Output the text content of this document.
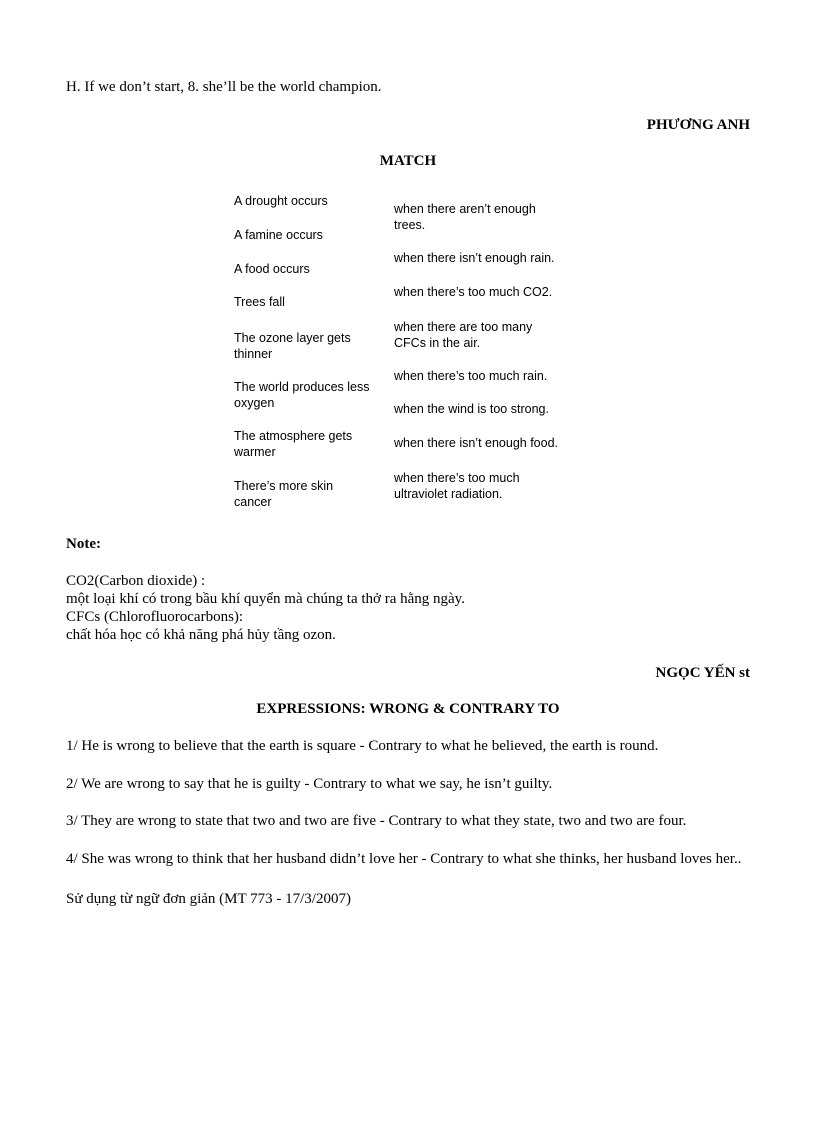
H. If we don’t start, 8. she’ll be the world champion.

PHƯƠNG ANH

MATCH

A drought occurs

A famine occurs

A food occurs

Trees fall

The ozone layer gets thinner

The world produces less oxygen

The atmosphere gets warmer

There’s more skin cancer

when there aren’t enough trees.

when there isn’t enough rain.

when there’s too much CO2.

when there are too many CFCs in the air.

when there’s too much rain.

when the wind is too strong.

when there isn’t enough food.

when there’s too much ultraviolet radiation.

Note:

CO2(Carbon dioxide) :

một loại khí có trong bầu khí quyển mà chúng ta thở ra hằng ngày.

CFCs (Chlorofluorocarbons):

chất hóa học có khả năng phá hủy tầng ozon.

NGỌC YẾN st

EXPRESSIONS: WRONG & CONTRARY TO

1/ He is wrong to believe that the earth is square - Contrary to what he believed, the earth is round.

2/ We are wrong to say that he is guilty - Contrary to what we say, he isn’t guilty.

3/ They are wrong to state that two and two are five - Contrary to what they state, two and two are four.

4/ She was wrong to think that her husband didn’t love her - Contrary to what she thinks, her husband loves her..

Sử dụng từ ngữ đơn giản (MT 773 - 17/3/2007)
